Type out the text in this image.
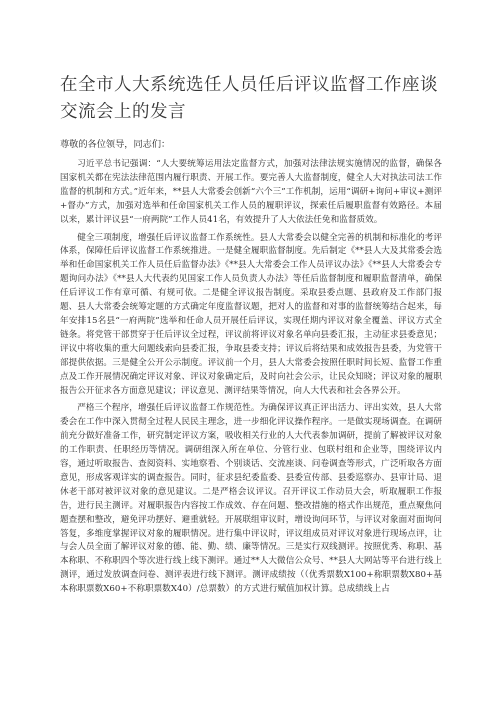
在全市人大系统选任人员任后评议监督工作座谈交流会上的发言

尊敬的各位领导，同志们：

习近平总书记强调：“人大要统筹运用法定监督方式，加强对法律法规实施情况的监督，确保各国家机关都在宪法法律范围内履行职责、开展工作。要完善人大监督制度，健全人大对执法司法工作监督的机制和方式。”近年来，**县人大常委会创新“六个三”工作机制，运用“调研+询问+审议+测评+督办”方式，加强对选举和任命国家机关工作人员的履职评议，探索任后履职监督有效路径。本届以来，累计评议县“一府两院”工作人员41名，有效提升了人大依法任免和监督质效。

健全三项制度，增强任后评议监督工作系统性。县人大常委会以健全完善的机制和标准化的考评体系，保障任后评议监督工作系统推进。一是健全履职监督制度。先后制定《**县人大及其常委会选举和任命国家机关工作人员任后监督办法》《**县人大常委会工作人员评议办法》《**县人大常委会专题询问办法》《**县人大代表约见国家工作人员负责人办法》等任后监督制度和履职监督清单，确保任后评议工作有章可循、有规可依。二是健全评议报告制度。采取县委点题、县政府及工作部门报题、县人大常委会统筹定题的方式确定年度监督议题，把对人的监督和对事的监督统筹结合起来，每年安排15名县“一府两院”选举和任命人员开展任后评议，实现任期内评议对象全覆盖、评议方式全链条。将党管干部贯穿于任后评议全过程，评议前将评议对象名单向县委汇报，主动征求县委意见；评议中将收集的重大问题线索向县委汇报，争取县委支持；评议后将结果和成效报告县委，为党管干部提供依据。三是健全公开公示制度。评议前一个月，县人大常委会按照任职时间长短、监督工作重点及工作开展情况确定评议对象、评议对象确定后，及时向社会公示，让民众知晓；评议对象的履职报告公开征求各方面意见建议；评议意见、测评结果等情况，向人大代表和社会各界公开。

严格三个程序，增强任后评议监督工作规范性。为确保评议真正评出活力、评出实效，县人大常委会在工作中深入贯彻全过程人民民主理念，进一步细化评议操作程序。一是做实现场调查。在调研前充分做好准备工作，研究制定评议方案，吸收相关行业的人大代表参加调研，提前了解被评议对象的工作职责、任职经历等情况。调研组深入所在单位、分管行业、包联村组和企业等，围绕评议内容，通过听取报告、查阅资料、实地察看、个别谈话、交流座谈、问卷调查等形式，广泛听取各方面意见，形成客观详实的调查报告。同时，征求县纪委监委、县委宣传部、县委巡察办、县审计局、退休老干部对被评议对象的意见建议。二是严格会议评议。召开评议工作动员大会，听取履职工作报告，进行民主测评。对履职报告内容按工作成效、存在问题、整改措施的格式作出规范，重点聚焦问题查摆和整改，避免评功摆好、避重就轻。开展联组审议时，增设询问环节，与评议对象面对面询问答复，多维度掌握评议对象的履职情况。进行集中评议时，评议组成员对评议对象进行现场点评，让与会人员全面了解评议对象的德、能、勤、绩、廉等情况。三是实行双线测评。按照优秀、称职、基本称职、不称职四个等次进行线上线下测评。通过**人大微信公众号、**县人大网站等平台进行线上测评，通过发放调查问卷、测评表进行线下测评。测评成绩按（（优秀票数X100+称职票数X80+基本称职票数X60+不称职票数X40）/总票数）的方式进行赋值加权计算。总成绩线上占
